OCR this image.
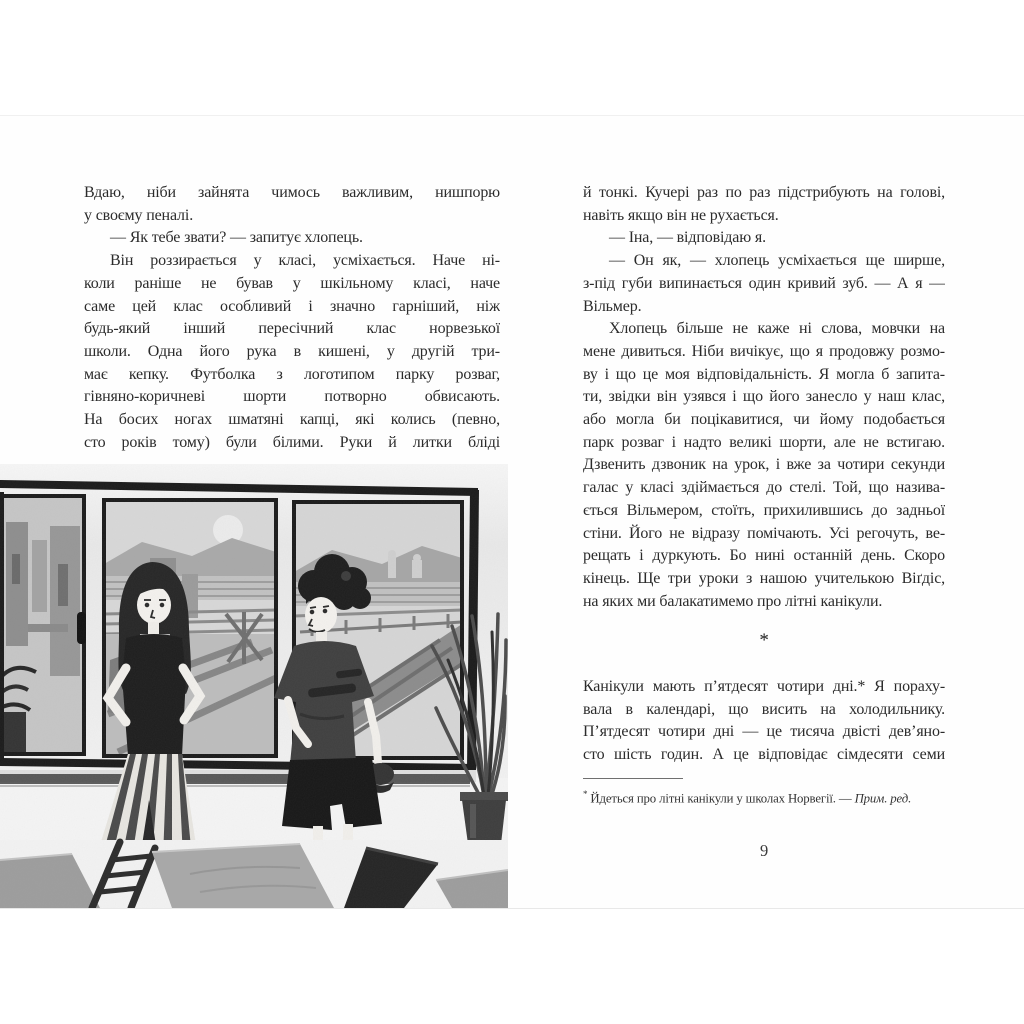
Вдаю, ніби зайнята чимось важливим, нишпорю
у своєму пеналі.
— Як тебе звати? — запитує хлопець.
Він роззирається у класі, усміхається. Наче ні-
коли раніше не бував у шкільному класі, наче
саме цей клас особливий і значно гарніший, ніж
будь-який інший пересічний клас норвезької
школи. Одна його рука в кишені, у другій три-
має кепку. Футболка з логотипом парку розваг,
гівняно-коричневі шорти потворно обвисають.
На босих ногах шматяні капці, які колись (певно,
сто років тому) були білими. Руки й литки бліді
й тонкі. Кучері раз по раз підстрибують на голові,
навіть якщо він не рухається.
— Іна, — відповідаю я.
— Он як, — хлопець усміхається ще ширше,
з-під губи випинається один кривий зуб. — А я —
Вільмер.
Хлопець більше не каже ні слова, мовчки на
мене дивиться. Ніби вичікує, що я продовжу розмо-
ву і що це моя відповідальність. Я могла б запита-
ти, звідки він узявся і що його занесло у наш клас,
або могла би поцікавитися, чи йому подобається
парк розваг і надто великі шорти, але не встигаю.
Дзвенить дзвоник на урок, і вже за чотири секунди
галас у класі здіймається до стелі. Той, що назива-
ється Вільмером, стоїть, прихилившись до задньої
стіни. Його не відразу помічають. Усі регочуть, ве-
рещать і дуркують. Бо нині останній день. Скоро
кінець. Ще три уроки з нашою учителькою Віґдіс,
на яких ми балакатимемо про літні канікули.
*
Канікули мають п’ятдесят чотири дні.* Я пораху-
вала в календарі, що висить на холодильнику.
П’ятдесят чотири дні — це тисяча двісті дев’яно-
сто шість годин. А це відповідає сімдесяти семи
* Йдеться про літні канікули у школах Норвегії. — Прим. ред.
9
